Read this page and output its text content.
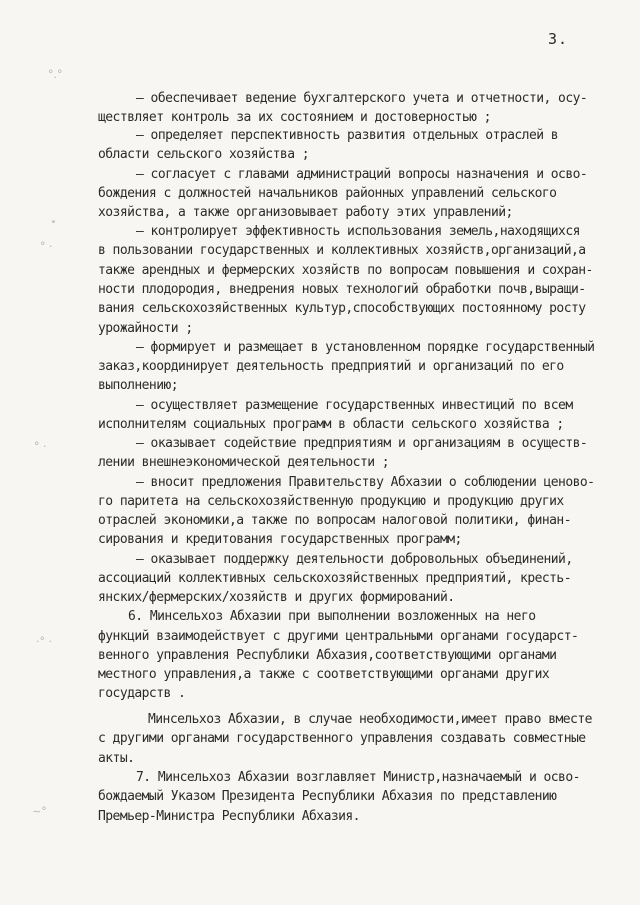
3.
°.°
⋆
° ·
° ·
·° ·
∼°
– обеспечивает ведение бухгалтерского учета и отчетности, осу-
ществляет контроль за их состоянием и достоверностью ;
– определяет перспективность развития отдельных отраслей в
области сельского хозяйства ;
– согласует с главами администраций вопросы назначения и осво-
бождения с должностей начальников районных управлений сельского
хозяйства, а также организовывает работу этих управлений;
– контролирует эффективность использования земель,находящихся
в пользовании государственных и коллективных хозяйств,организаций,а
также арендных и фермерских хозяйств по вопросам повышения и сохран-
ности плодородия, внедрения новых технологий обработки почв,выращи-
вания сельскохозяйственных культур,способствующих постоянному росту
урожайности ;
– формирует и размещает в установленном порядке государственный
заказ,координирует деятельность предприятий и организаций по его
выполнению;
– осуществляет размещение государственных инвестиций по всем
исполнителям социальных программ в области сельского хозяйства ;
– оказывает содействие предприятиям и организациям в осуществ-
лении внешнеэкономической деятельности ;
– вносит предложения Правительству Абхазии о соблюдении ценово-
го паритета на сельскохозяйственную продукцию и продукцию других
отраслей экономики,а также по вопросам налоговой политики, финан-
сирования и кредитования государственных программ;
– оказывает поддержку деятельности добровольных объединений,
ассоциаций коллективных сельскохозяйственных предприятий, кресть-
янских/фермерских/хозяйств и других формирований.
6. Минсельхоз Абхазии при выполнении возложенных на него
функций взаимодействует с другими центральными органами государст-
венного управления Республики Абхазия,соответствующими органами
местного управления,а также с соответствующими органами других
государств .
Минсельхоз Абхазии, в случае необходимости,имеет право вместе
с другими органами государственного управления создавать совместные
акты.
7. Минсельхоз Абхазии возглавляет Министр,назначаемый и осво-
бождаемый Указом Президента Республики Абхазия по представлению
Премьер-Министра Республики Абхазия.
